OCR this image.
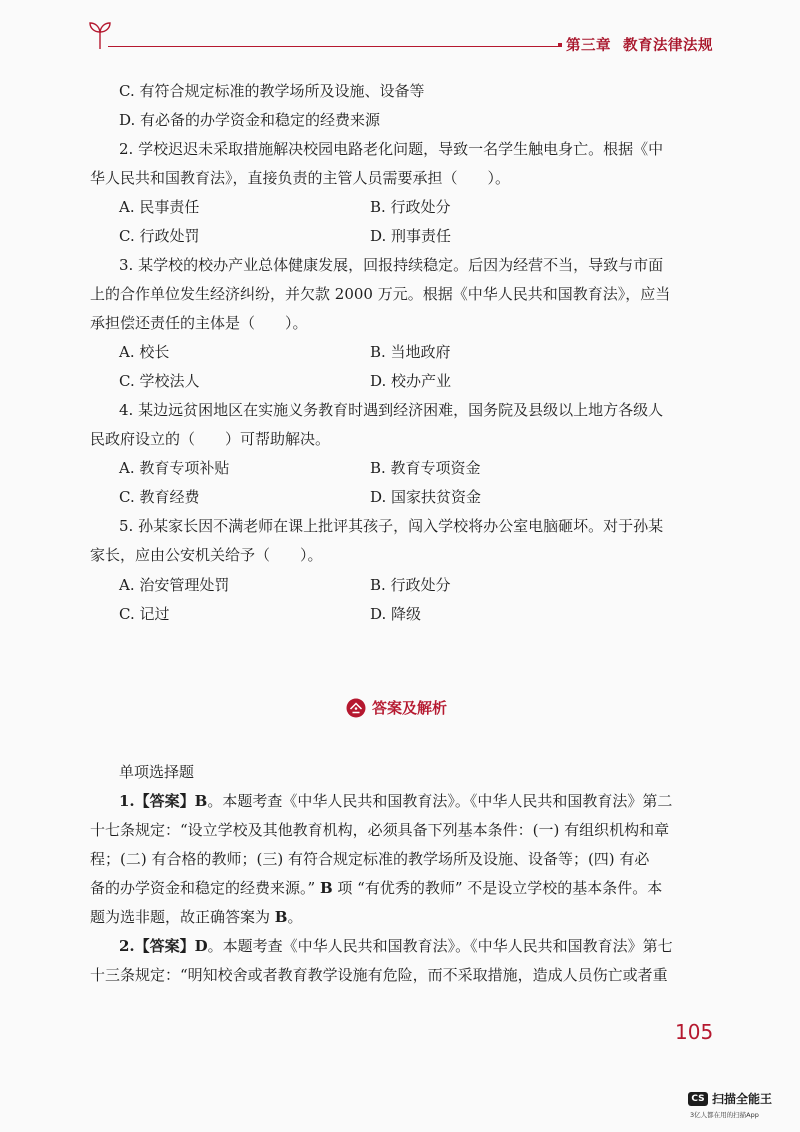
第三章 教育法律法规
C. 有符合规定标准的教学场所及设施、设备等
D. 有必备的办学资金和稳定的经费来源
2. 学校迟迟未采取措施解决校园电路老化问题，导致一名学生触电身亡。根据《中
华人民共和国教育法》，直接负责的主管人员需要承担（　　）。
A. 民事责任	B. 行政处分
C. 行政处罚	D. 刑事责任
3. 某学校的校办产业总体健康发展，回报持续稳定。后因为经营不当，导致与市面
上的合作单位发生经济纠纷，并欠款 2000 万元。根据《中华人民共和国教育法》，应当
承担偿还责任的主体是（　　）。
A. 校长	B. 当地政府
C. 学校法人	D. 校办产业
4. 某边远贫困地区在实施义务教育时遇到经济困难，国务院及县级以上地方各级人
民政府设立的（　　）可帮助解决。
A. 教育专项补贴	B. 教育专项资金
C. 教育经费	D. 国家扶贫资金
5. 孙某家长因不满老师在课上批评其孩子，闯入学校将办公室电脑砸坏。对于孙某
家长，应由公安机关给予（　　）。
A. 治安管理处罚	B. 行政处分
C. 记过	D. 降级
答案及解析
单项选择题
1.【答案】B。本题考查《中华人民共和国教育法》。《中华人民共和国教育法》第二
十七条规定：“设立学校及其他教育机构，必须具备下列基本条件：(一) 有组织机构和章
程；(二) 有合格的教师；(三) 有符合规定标准的教学场所及设施、设备等；(四) 有必
备的办学资金和稳定的经费来源。” B 项 “有优秀的教师” 不是设立学校的基本条件。本
题为选非题，故正确答案为 B。
2.【答案】D。本题考查《中华人民共和国教育法》。《中华人民共和国教育法》第七
十三条规定：“明知校舍或者教育教学设施有危险，而不采取措施，造成人员伤亡或者重
105
CS 扫描全能王
3亿人都在用的扫描App
